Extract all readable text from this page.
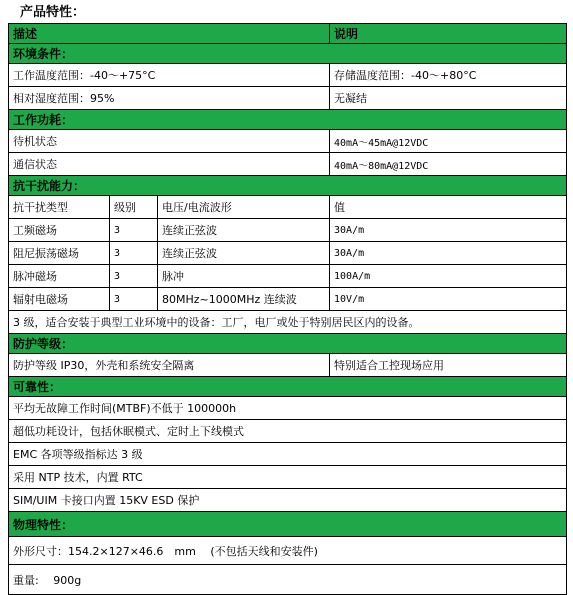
产品特性：
描述			说明
环境条件：			
工作温度范围：-40～+75°C			存储温度范围：-40～+80°C
相对湿度范围：95%			无凝结
工作功耗：			
待机状态			40mA～45mA@12VDC
通信状态			40mA～80mA@12VDC
抗干扰能力：			
抗干扰类型	级别	电压/电流波形	值
工频磁场	3	连续正弦波	30A/m
阻尼振荡磁场	3	连续正弦波	30A/m
脉冲磁场	3	脉冲	100A/m
辐射电磁场	3	80MHz~1000MHz 连续波	10V/m
3 级，适合安装于典型工业环境中的设备：工厂，电厂或处于特别居民区内的设备。			
防护等级：			
防护等级 IP30，外壳和系统安全隔离			特别适合工控现场应用
可靠性：			
平均无故障工作时间(MTBF)不低于 100000h			
超低功耗设计，包括休眠模式、定时上下线模式			
EMC 各项等级指标达 3 级			
采用 NTP 技术，内置 RTC			
SIM/UIM 卡接口内置 15KV ESD 保护			
物理特性：			
外形尺寸：154.2×127×46.6　mm　 (不包括天线和安装件)			
重量:　 900g			
